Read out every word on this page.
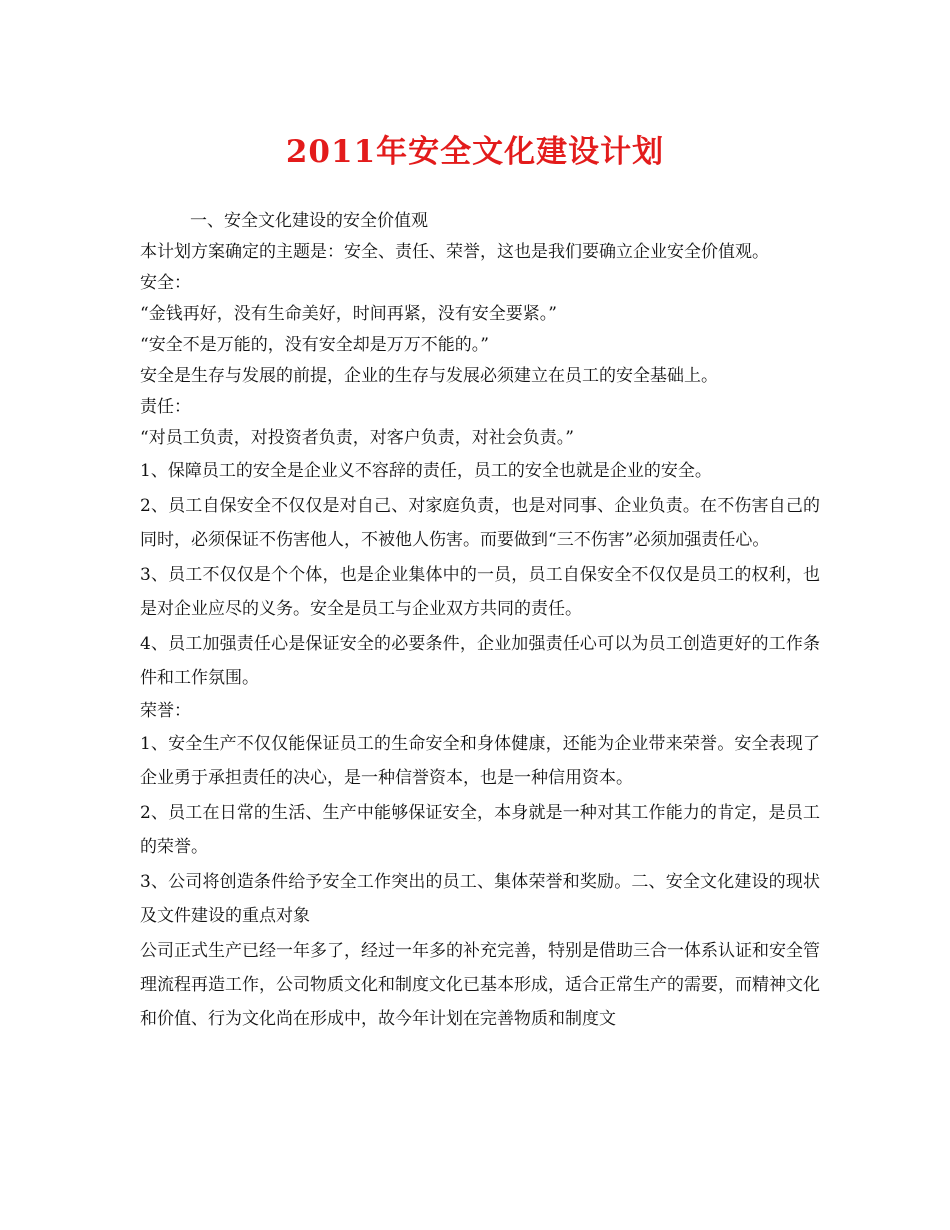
2011年安全文化建设计划
一、安全文化建设的安全价值观
本计划方案确定的主题是：安全、责任、荣誉，这也是我们要确立企业安全价值观。
安全：
“金钱再好，没有生命美好，时间再紧，没有安全要紧。”
“安全不是万能的，没有安全却是万万不能的。”
安全是生存与发展的前提，企业的生存与发展必须建立在员工的安全基础上。
责任：
“对员工负责，对投资者负责，对客户负责，对社会负责。”
1、保障员工的安全是企业义不容辞的责任，员工的安全也就是企业的安全。
2、员工自保安全不仅仅是对自己、对家庭负责，也是对同事、企业负责。在不伤害自己的同时，必须保证不伤害他人，不被他人伤害。而要做到“三不伤害”必须加强责任心。
3、员工不仅仅是个个体，也是企业集体中的一员，员工自保安全不仅仅是员工的权利，也是对企业应尽的义务。安全是员工与企业双方共同的责任。
4、员工加强责任心是保证安全的必要条件，企业加强责任心可以为员工创造更好的工作条件和工作氛围。
荣誉：
1、安全生产不仅仅能保证员工的生命安全和身体健康，还能为企业带来荣誉。安全表现了企业勇于承担责任的决心，是一种信誉资本，也是一种信用资本。
2、员工在日常的生活、生产中能够保证安全，本身就是一种对其工作能力的肯定，是员工的荣誉。
3、公司将创造条件给予安全工作突出的员工、集体荣誉和奖励。二、安全文化建设的现状及文件建设的重点对象
公司正式生产已经一年多了，经过一年多的补充完善，特别是借助三合一体系认证和安全管理流程再造工作，公司物质文化和制度文化已基本形成，适合正常生产的需要，而精神文化和价值、行为文化尚在形成中，故今年计划在完善物质和制度文
